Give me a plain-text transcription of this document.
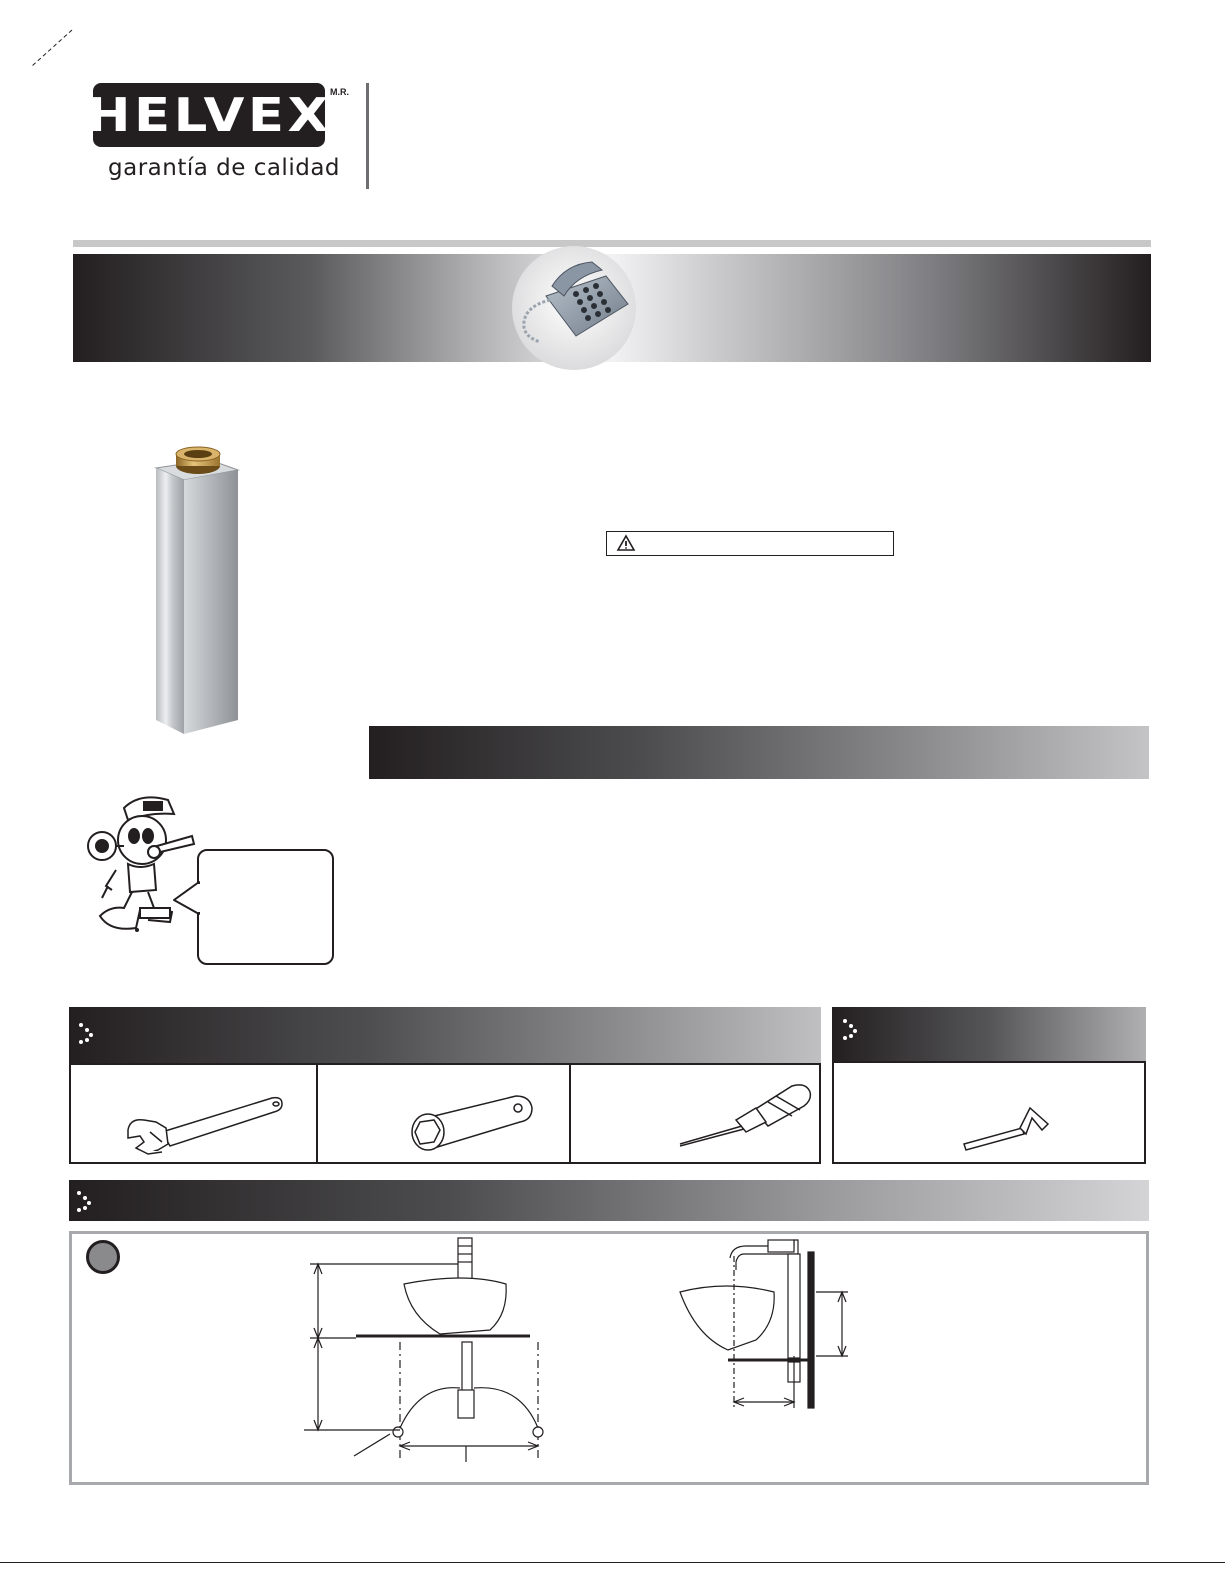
HELVEX
M.R.
garantía de calidad
